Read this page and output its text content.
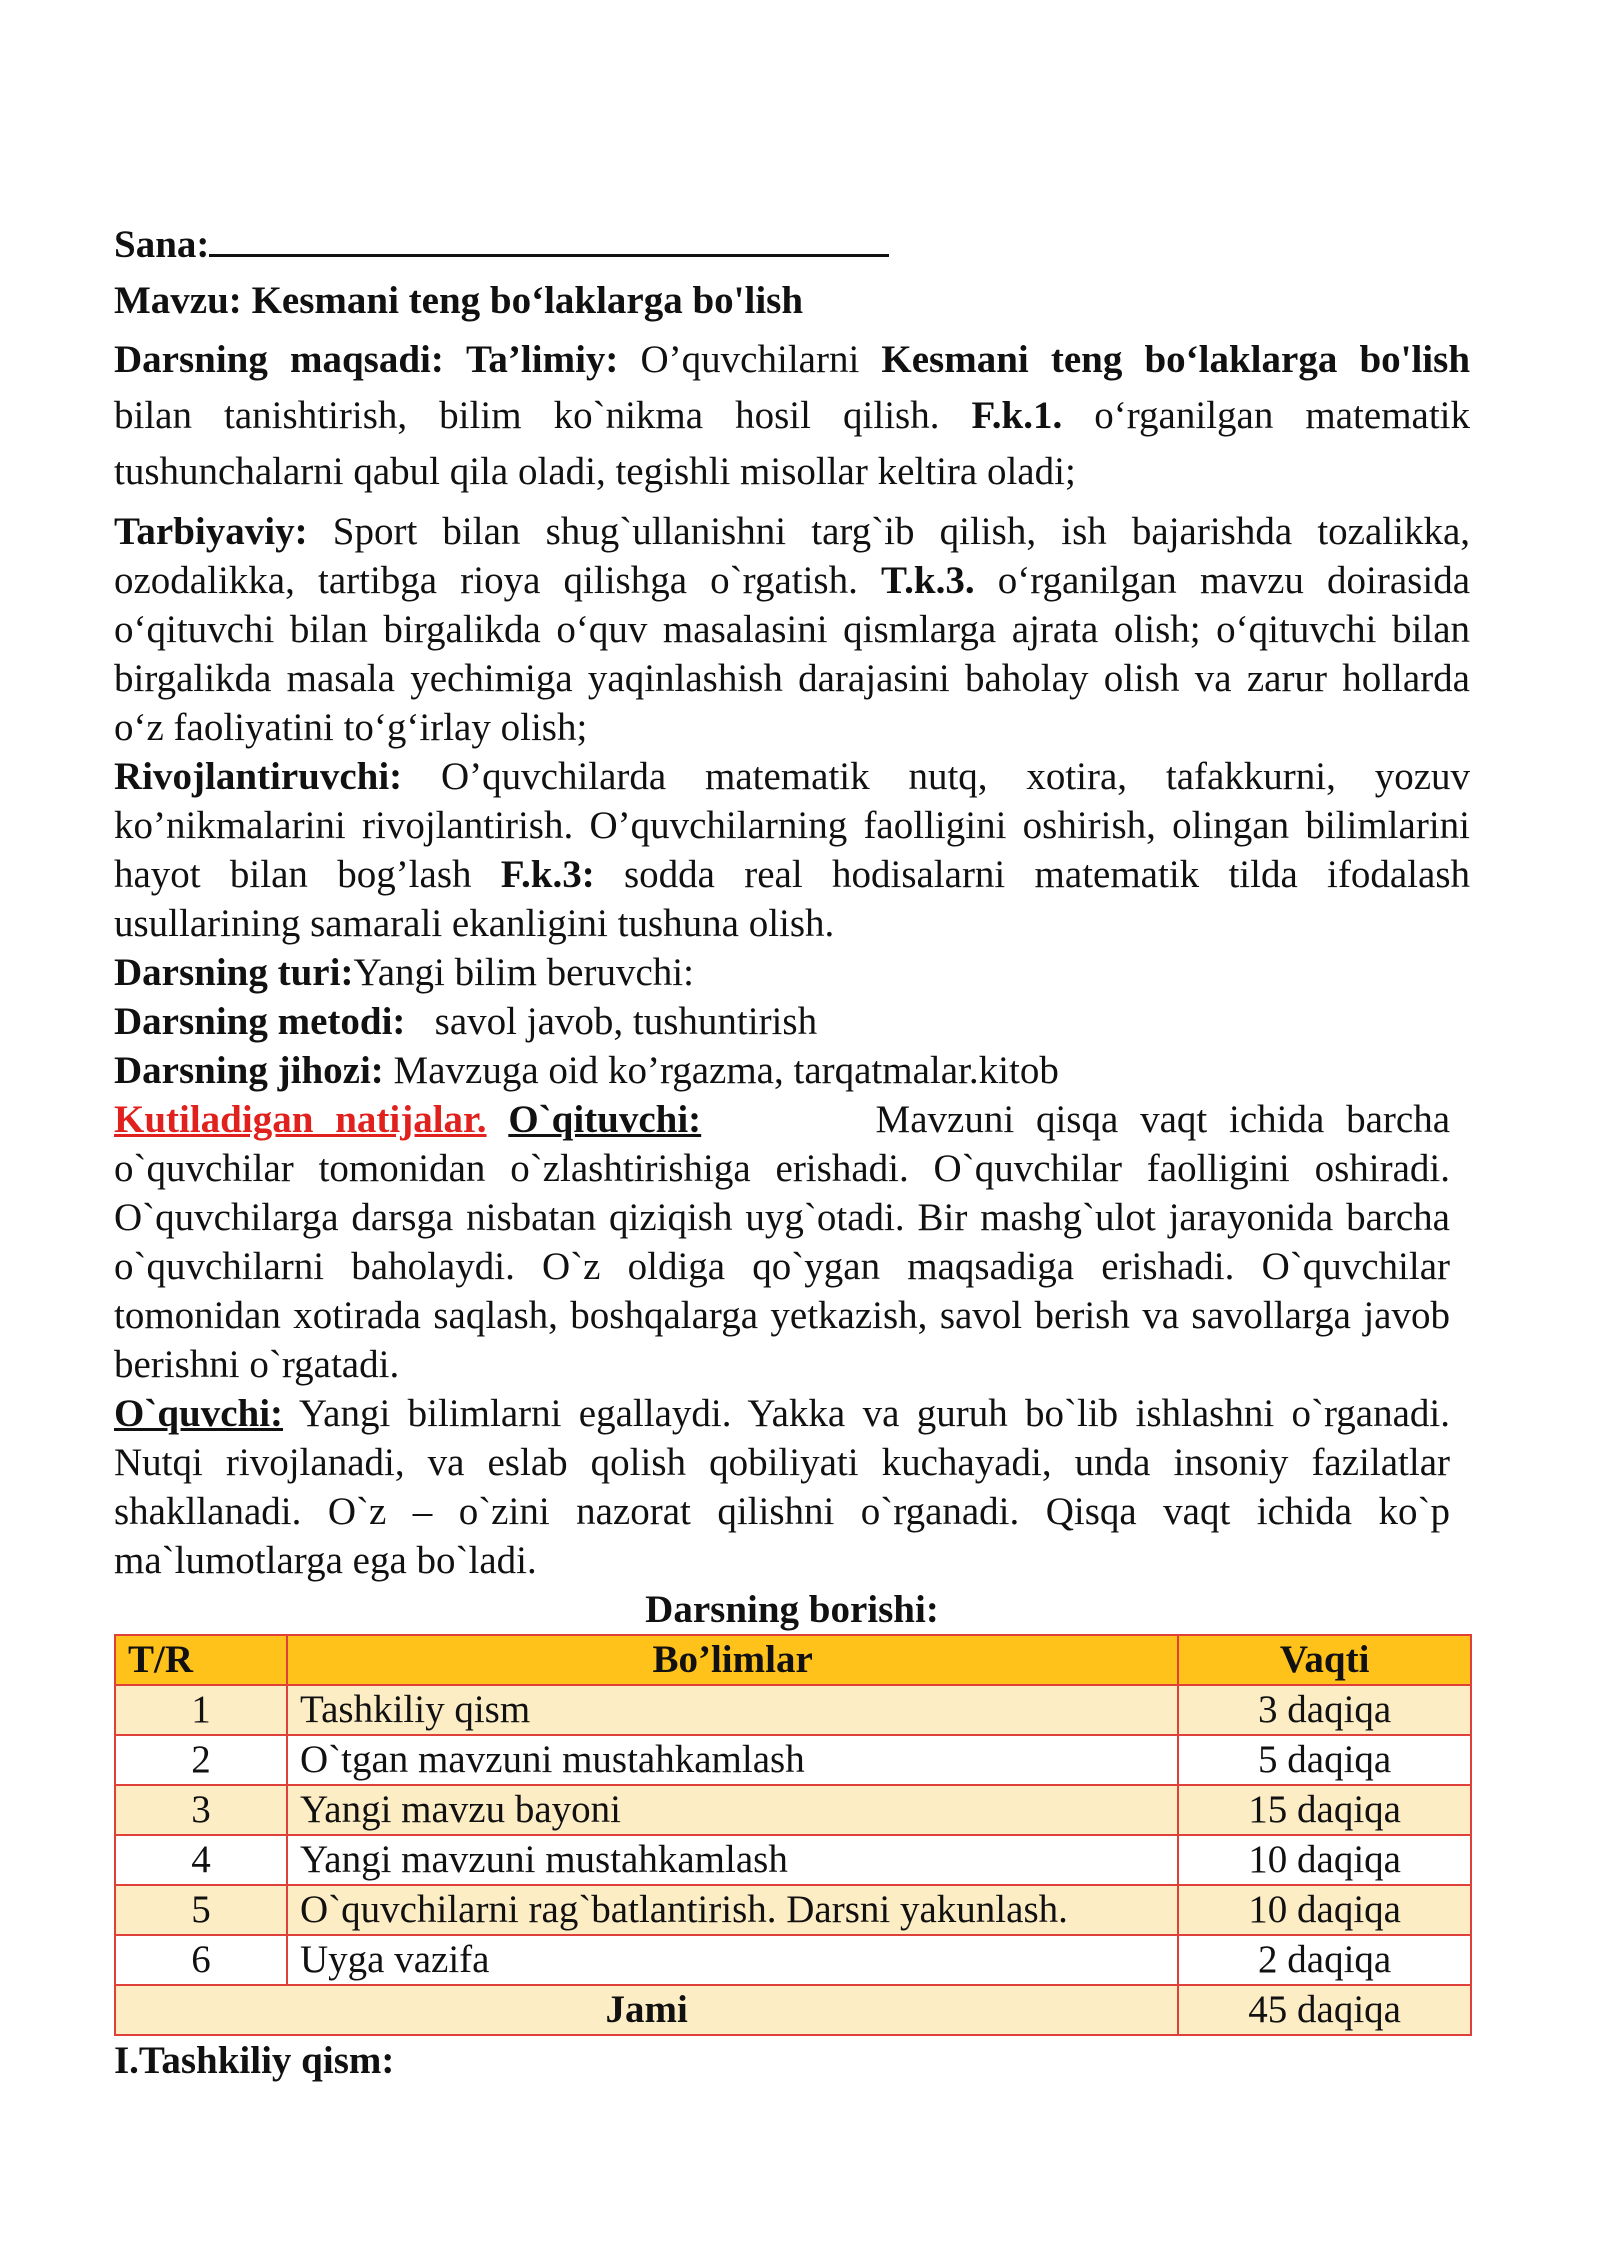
Sana:

Mavzu: Kesmani teng bo‘laklarga bo'lish

Darsning maqsadi: Ta’limiy: O’quvchilarni Kesmani teng bo‘laklarga bo'lish bilan tanishtirish, bilim ko`nikma hosil qilish. F.k.1. o‘rganilgan matematik tushunchalarni qabul qila oladi, tegishli misollar keltira oladi;

Tarbiyaviy: Sport bilan shug`ullanishni targ`ib qilish, ish bajarishda tozalikka, ozodalikka, tartibga rioya qilishga o`rgatish. T.k.3. o‘rganilgan mavzu doirasida o‘qituvchi bilan birgalikda o‘quv masalasini qismlarga ajrata olish; o‘qituvchi bilan birgalikda masala yechimiga yaqinlashish darajasini baholay olish va zarur hollarda o‘z faoliyatini to‘g‘irlay olish;

Rivojlantiruvchi: O’quvchilarda matematik nutq, xotira, tafakkurni, yozuv ko’nikmalarini rivojlantirish. O’quvchilarning faolligini oshirish, olingan bilimlarini hayot bilan bog’lash F.k.3: sodda real hodisalarni matematik tilda ifodalash usullarining samarali ekanligini tushuna olish.

Darsning turi:Yangi bilim beruvchi:

Darsning metodi: savol javob, tushuntirish

Darsning jihozi: Mavzuga oid ko’rgazma, tarqatmalar.kitob

Kutiladigan natijalar. O`qituvchi:	Mavzuni qisqa vaqt ichida barcha o`quvchilar tomonidan o`zlashtirishiga erishadi. O`quvchilar faolligini oshiradi. O`quvchilarga darsga nisbatan qiziqish uyg`otadi. Bir mashg`ulot jarayonida barcha o`quvchilarni baholaydi. O`z oldiga qo`ygan maqsadiga erishadi. O`quvchilar tomonidan xotirada saqlash, boshqalarga yetkazish, savol berish va savollarga javob berishni o`rgatadi.

O`quvchi: Yangi bilimlarni egallaydi. Yakka va guruh bo`lib ishlashni o`rganadi. Nutqi rivojlanadi, va eslab qolish qobiliyati kuchayadi, unda insoniy fazilatlar shakllanadi. O`z – o`zini nazorat qilishni o`rganadi. Qisqa vaqt ichida ko`p ma`lumotlarga ega bo`ladi.

Darsning borishi:

T/R	Bo’limlar	Vaqti
1	Tashkiliy qism	3 daqiqa
2	O`tgan mavzuni mustahkamlash	5 daqiqa
3	Yangi mavzu bayoni	15 daqiqa
4	Yangi mavzuni mustahkamlash	10 daqiqa
5	O`quvchilarni rag`batlantirish. Darsni yakunlash.	10 daqiqa
6	Uyga vazifa	2 daqiqa
Jami		45 daqiqa

I.Tashkiliy qism:
